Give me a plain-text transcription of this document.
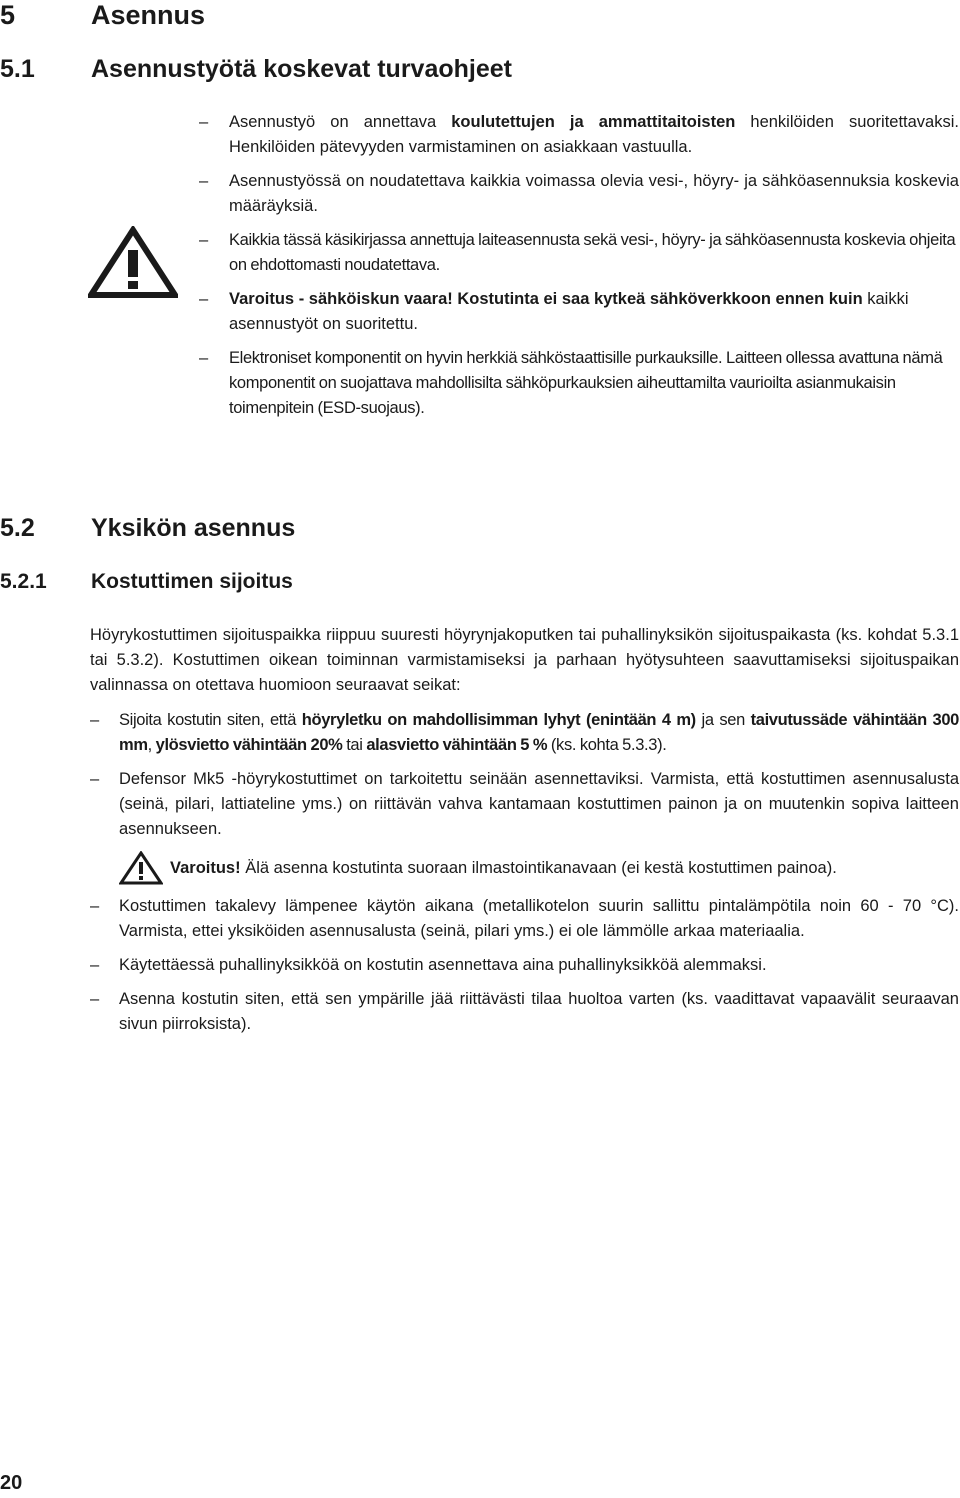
5	Asennus
5.1 Asennustyötä koskevat turvaohjeet
–	Asennustyö on annettava koulutettujen ja ammattitaitoisten henkilöiden suoritettavaksi. Henkilöiden pätevyyden varmistaminen on asiakkaan vastuulla.
–	Asennustyössä on noudatettava kaikkia voimassa olevia vesi-, höyry- ja sähköasennuksia koskevia määräyksiä.
–	Kaikkia tässä käsikirjassa annettuja laiteasennusta sekä vesi-, höyry- ja sähköasennusta koskevia ohjeita on ehdottomasti noudatettava.
–	Varoitus - sähköiskun vaara! Kostutinta ei saa kytkeä sähköverkkoon ennen kuin kaikki asennustyöt on suoritettu.
–	Elektroniset komponentit on hyvin herkkiä sähköstaattisille purkauksille. Laitteen ollessa avattuna nämä komponentit on suojattava mahdollisilta sähköpurkauksien aiheuttamilta vaurioilta asianmukaisin toimenpitein (ESD-suojaus).
5.2 Yksikön asennus
5.2.1 Kostuttimen sijoitus
Höyrykostuttimen sijoituspaikka riippuu suuresti höyrynjakoputken tai puhallinyksikön sijoituspaikasta (ks. kohdat 5.3.1 tai 5.3.2). Kostuttimen oikean toiminnan varmistamiseksi ja parhaan hyötysuhteen saavuttamiseksi sijoituspaikan valinnassa on otettava huomioon seuraavat seikat:
–	Sijoita kostutin siten, että höyryletku on mahdollisimman lyhyt (enintään 4 m) ja sen taivutussäde vähintään 300 mm, ylösvietto vähintään 20% tai alasvietto vähintään 5 % (ks. kohta 5.3.3).
–	Defensor Mk5 -höyrykostuttimet on tarkoitettu seinään asennettaviksi. Varmista, että kostuttimen asennusalusta (seinä, pilari, lattiateline yms.) on riittävän vahva kantamaan kostuttimen painon ja on muutenkin sopiva laitteen asennukseen.
Varoitus! Älä asenna kostutinta suoraan ilmastointikanavaan (ei kestä kostuttimen painoa).
–	Kostuttimen takalevy lämpenee käytön aikana (metallikotelon suurin sallittu pintalämpötila noin 60 - 70 °C). Varmista, ettei yksiköiden asennusalusta (seinä, pilari yms.) ei ole lämmölle arkaa materiaalia.
–	Käytettäessä puhallinyksikköä on kostutin asennettava aina puhallinyksikköä alemmaksi.
–	Asenna kostutin siten, että sen ympärille jää riittävästi tilaa huoltoa varten (ks. vaadittavat vapaavälit seuraavan sivun piirroksista).
20
